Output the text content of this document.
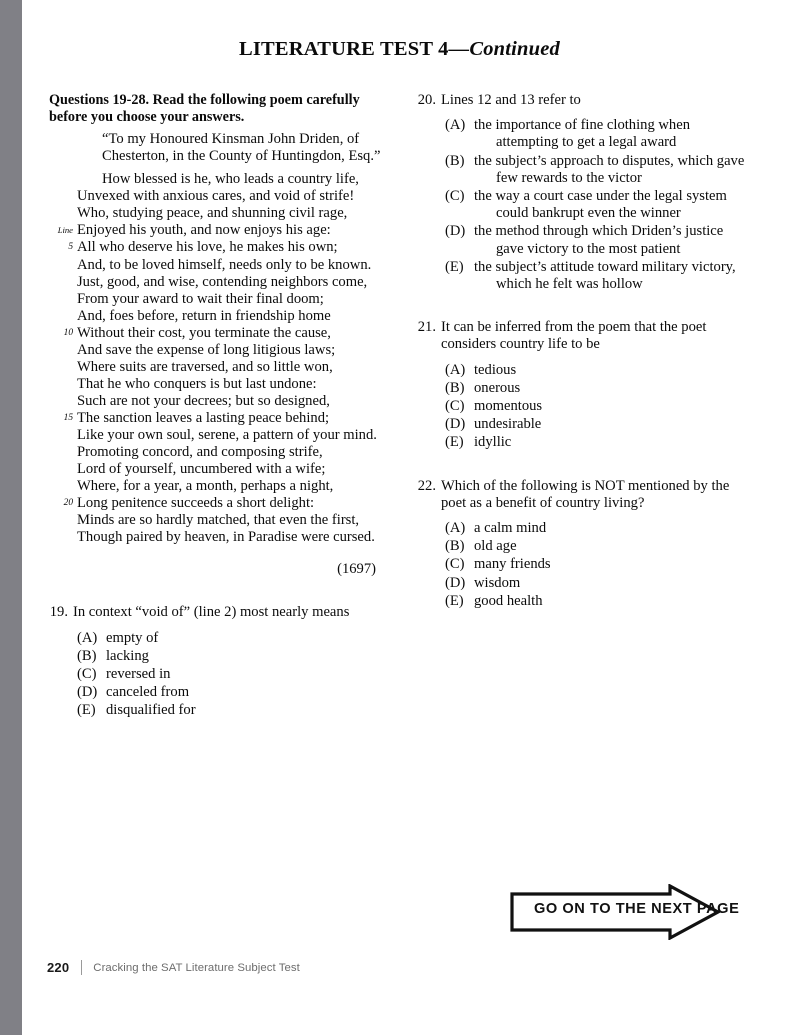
LITERATURE TEST 4—Continued

Questions 19-28. Read the following poem carefully before you choose your answers.

“To my Honoured Kinsman John Driden, of
Chesterton, in the County of Huntingdon, Esq.”
How blessed is he, who leads a country life,
Unvexed with anxious cares, and void of strife!
Who, studying peace, and shunning civil rage,
Line Enjoyed his youth, and now enjoys his age:
5 All who deserve his love, he makes his own;
And, to be loved himself, needs only to be known.
Just, good, and wise, contending neighbors come,
From your award to wait their final doom;
And, foes before, return in friendship home
10 Without their cost, you terminate the cause,
And save the expense of long litigious laws;
Where suits are traversed, and so little won,
That he who conquers is but last undone:
Such are not your decrees; but so designed,
15 The sanction leaves a lasting peace behind;
Like your own soul, serene, a pattern of your mind.
Promoting concord, and composing strife,
Lord of yourself, uncumbered with a wife;
Where, for a year, a month, perhaps a night,
20 Long penitence succeeds a short delight:
Minds are so hardly matched, that even the first,
Though paired by heaven, in Paradise were cursed.
(1697)
19. In context “void of” (line 2) most nearly means
(A) empty of
(B) lacking
(C) reversed in
(D) canceled from
(E) disqualified for
20. Lines 12 and 13 refer to
(A) the importance of fine clothing when
attempting to get a legal award
(B) the subject’s approach to disputes, which gave
few rewards to the victor
(C) the way a court case under the legal system
could bankrupt even the winner
(D) the method through which Driden’s justice
gave victory to the most patient
(E) the subject’s attitude toward military victory,
which he felt was hollow
21. It can be inferred from the poem that the poet
considers country life to be
(A) tedious
(B) onerous
(C) momentous
(D) undesirable
(E) idyllic
22. Which of the following is NOT mentioned by the
poet as a benefit of country living?
(A) a calm mind
(B) old age
(C) many friends
(D) wisdom
(E) good health
GO ON TO THE NEXT PAGE
220 Cracking the SAT Literature Subject Test
